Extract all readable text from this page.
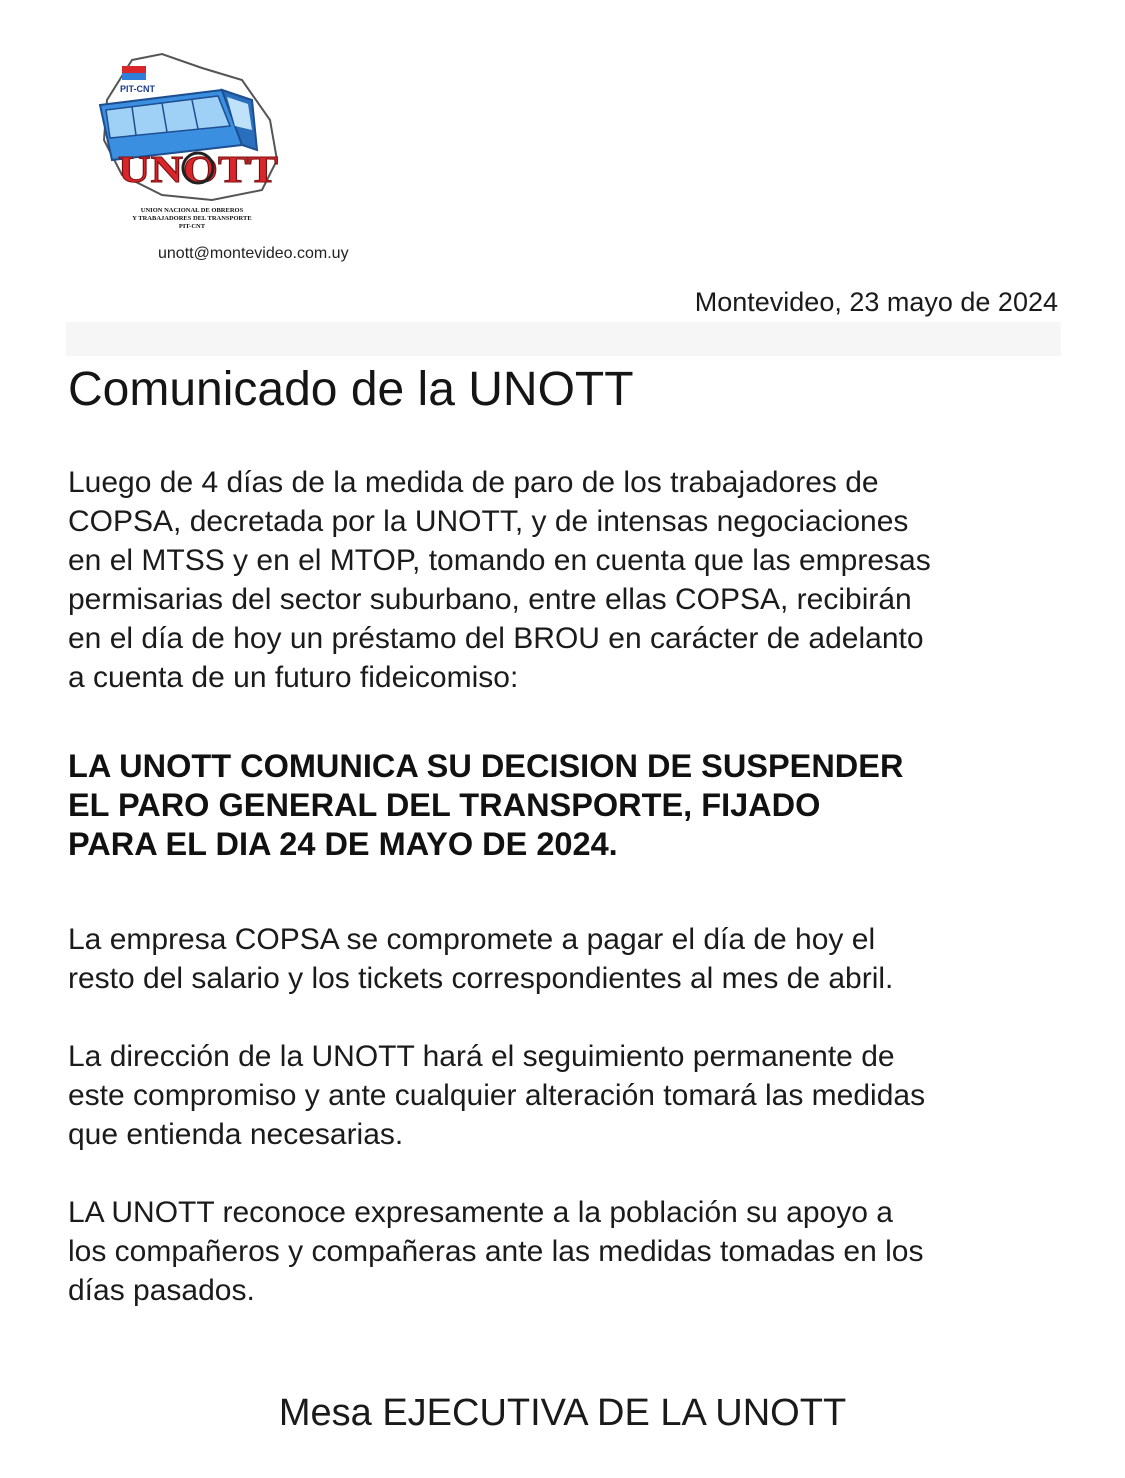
PIT-CNT
UNOTT
UNION NACIONAL DE OBREROS
Y TRABAJADORES DEL TRANSPORTE
PIT-CNT
unott@montevideo.com.uy
Montevideo, 23 mayo de 2024
Comunicado de la UNOTT
Luego de 4 días de la medida de paro de los trabajadores de
COPSA, decretada por la UNOTT, y de intensas negociaciones
en el MTSS y en el MTOP, tomando en cuenta que las empresas
permisarias del sector suburbano, entre ellas COPSA, recibirán
en el día de hoy un préstamo del BROU en carácter de adelanto
a cuenta de un futuro fideicomiso:
LA UNOTT COMUNICA SU DECISION DE SUSPENDER
EL PARO GENERAL DEL TRANSPORTE, FIJADO
PARA EL DIA 24 DE MAYO DE 2024.
La empresa COPSA se compromete a pagar el día de hoy el
resto del salario y los tickets correspondientes al mes de abril.
La dirección de la UNOTT hará el seguimiento permanente de
este compromiso y ante cualquier alteración tomará las medidas
que entienda necesarias.
LA UNOTT reconoce expresamente a la población su apoyo a
los compañeros y compañeras ante las medidas tomadas en los
días pasados.
Mesa EJECUTIVA DE LA UNOTT
